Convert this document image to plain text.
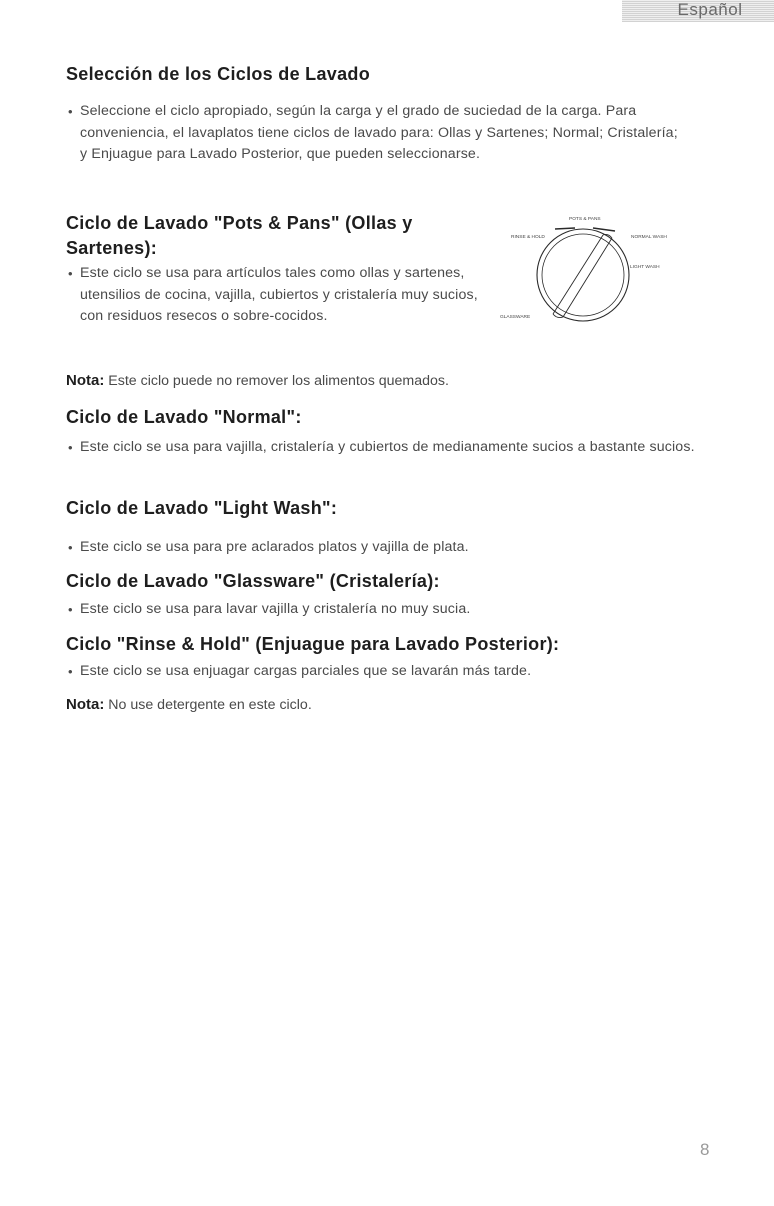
Español
Selección de los Ciclos de Lavado
• Seleccione el ciclo apropiado, según la carga y el grado de suciedad de la carga. Para conveniencia, el lavaplatos tiene ciclos de lavado para: Ollas y Sartenes; Normal; Cristalería; y Enjuague para Lavado Posterior, que pueden seleccionarse.

Ciclo de Lavado "Pots & Pans" (Ollas y Sartenes):
• Este ciclo se usa para artículos tales como ollas y sartenes, utensilios de cocina, vajilla, cubiertos y cristalería muy sucios, con residuos resecos o sobre-cocidos.

POTS & PANS
RINSE & HOLD	NORMAL WASH
LIGHT WASH
GLASSWARE

Nota: Este ciclo puede no remover los alimentos quemados.

Ciclo de Lavado "Normal":
• Este ciclo se usa para vajilla, cristalería y cubiertos de medianamente sucios a bastante sucios.

Ciclo de Lavado "Light Wash":
• Este ciclo se usa para pre aclarados platos y vajilla de plata.

Ciclo de Lavado "Glassware" (Cristalería):
• Este ciclo se usa para lavar vajilla y cristalería no muy sucia.

Ciclo "Rinse & Hold" (Enjuague para Lavado Posterior):
• Este ciclo se usa enjuagar cargas parciales que se lavarán más tarde.

Nota: No use detergente en este ciclo.

8
